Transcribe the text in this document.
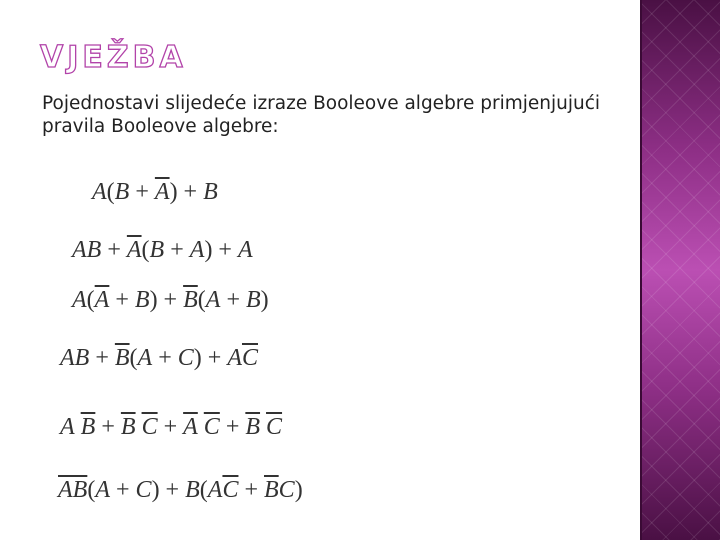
VJEŽBA
Pojednostavi slijedeće izraze Booleove algebre primjenjujući pravila Booleove algebre:
$A(B + \overline{A}) + B$
AB + $\overline{A}(B + A) + A$
$A(\overline{A} + B) + \overline{B}(A + B)$
AB + $\overline{B}(A + C) + A\overline{C}$
A $\overline{B} + \overline{B}$ $\overline{C} + \overline{A}$ $\overline{C} + \overline{B}$ $\overline{C}$
$\overline{AB}(A + C) + B(A\overline{C} + \overline{B}C)$
